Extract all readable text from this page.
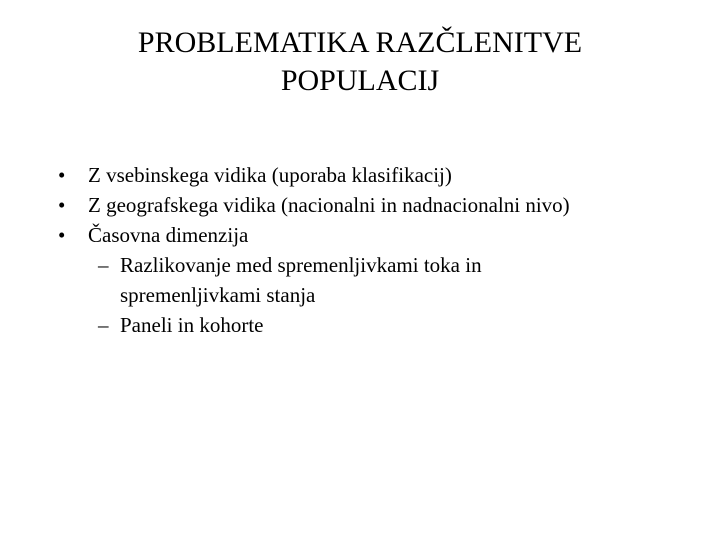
PROBLEMATIKA RAZČLENITVE
POPULACIJ
•	Z vsebinskega vidika (uporaba klasifikacij)
•	Z geografskega vidika (nacionalni in nadnacionalni nivo)
•	Časovna dimenzija
– Razlikovanje med spremenljivkami toka in spremenljivkami stanja
– Paneli in kohorte
